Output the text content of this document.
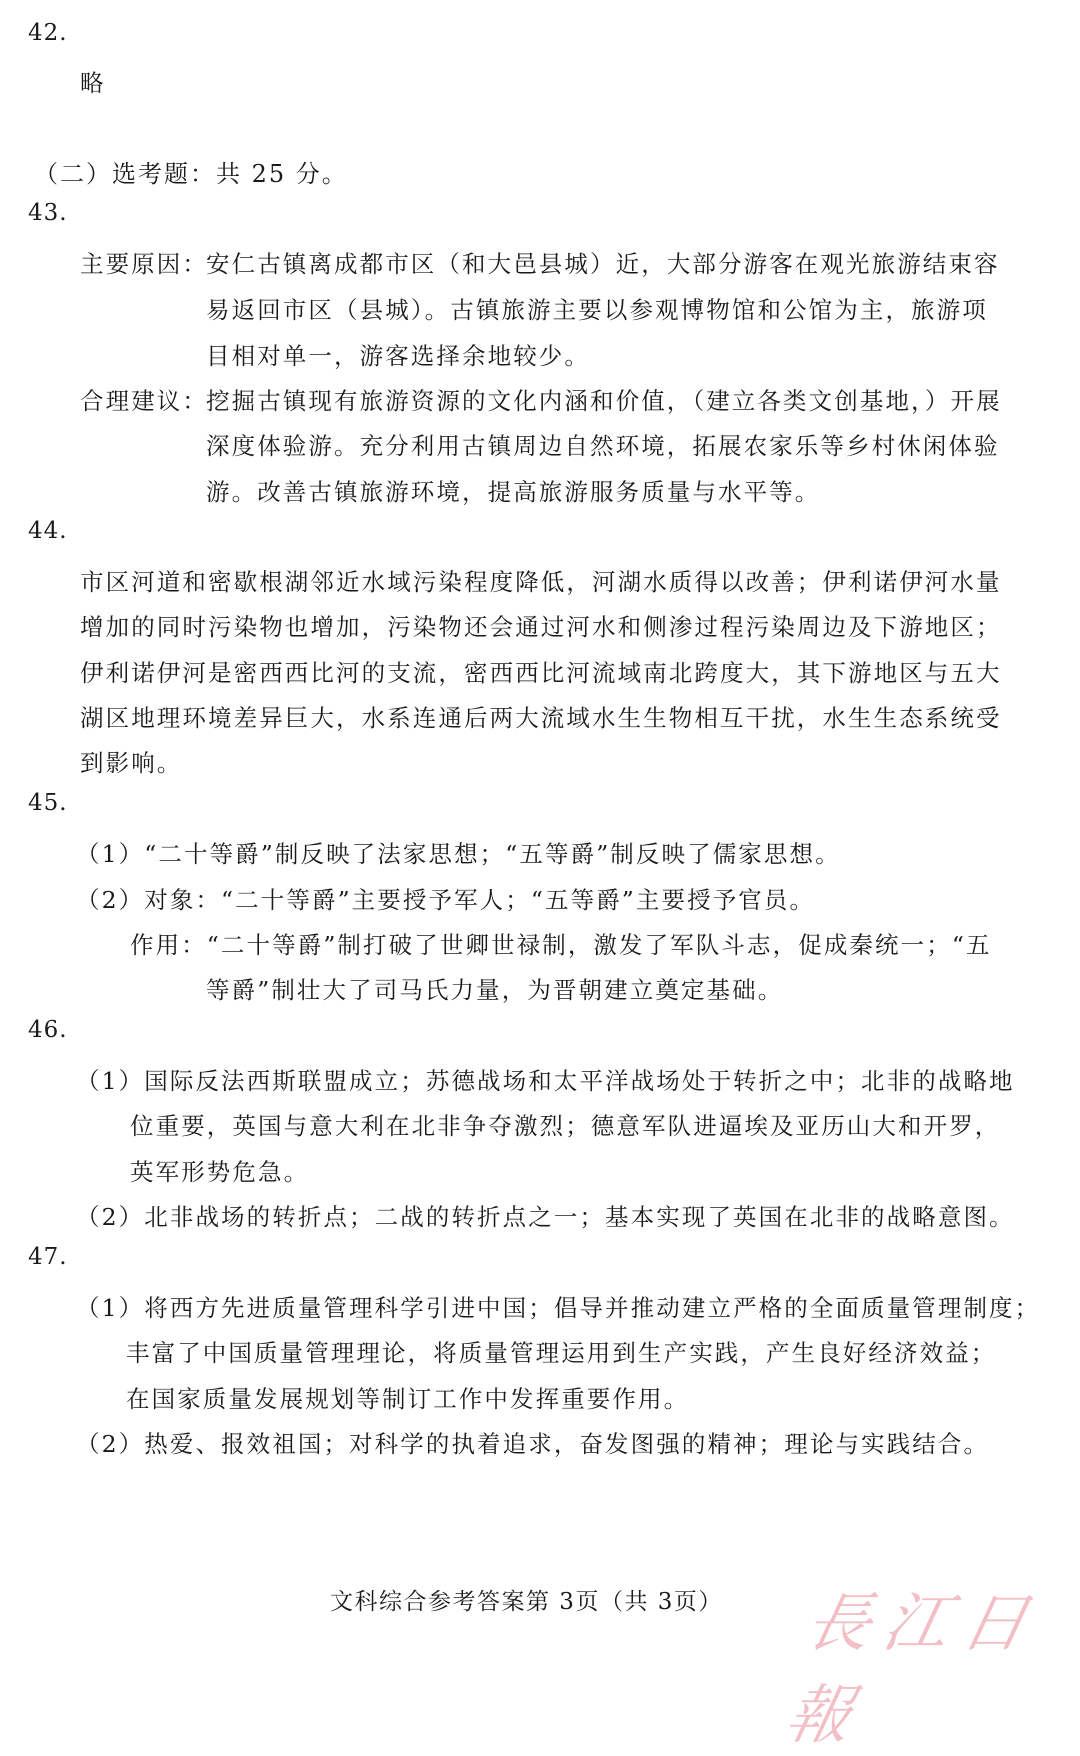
42.
略
（二）选考题：共 25 分。
43.
主要原因：
安仁古镇离成都市区（和大邑县城）近，大部分游客在观光旅游结束容
易返回市区（县城）。古镇旅游主要以参观博物馆和公馆为主，旅游项
目相对单一，游客选择余地较少。
合理建议：
挖掘古镇现有旅游资源的文化内涵和价值，（建立各类文创基地，）开展
深度体验游。充分利用古镇周边自然环境，拓展农家乐等乡村休闲体验
游。改善古镇旅游环境，提高旅游服务质量与水平等。
44.
市区河道和密歇根湖邻近水域污染程度降低，河湖水质得以改善；伊利诺伊河水量
增加的同时污染物也增加，污染物还会通过河水和侧渗过程污染周边及下游地区；
伊利诺伊河是密西西比河的支流，密西西比河流域南北跨度大，其下游地区与五大
湖区地理环境差异巨大，水系连通后两大流域水生生物相互干扰，水生生态系统受
到影响。
45.
（1）“二十等爵”制反映了法家思想；“五等爵”制反映了儒家思想。
（2）对象：“二十等爵”主要授予军人；“五等爵”主要授予官员。
作用：“二十等爵”制打破了世卿世禄制，激发了军队斗志，促成秦统一；“五
等爵”制壮大了司马氏力量，为晋朝建立奠定基础。
46.
（1）国际反法西斯联盟成立；苏德战场和太平洋战场处于转折之中；北非的战略地
位重要，英国与意大利在北非争夺激烈；德意军队进逼埃及亚历山大和开罗，
英军形势危急。
（2）北非战场的转折点；二战的转折点之一；基本实现了英国在北非的战略意图。
47.
（1）将西方先进质量管理科学引进中国；倡导并推动建立严格的全面质量管理制度；
丰富了中国质量管理理论，将质量管理运用到生产实践，产生良好经济效益；
在国家质量发展规划等制订工作中发挥重要作用。
（2）热爱、报效祖国；对科学的执着追求，奋发图强的精神；理论与实践结合。
文科综合参考答案第 3页（共 3页）	長江日報
